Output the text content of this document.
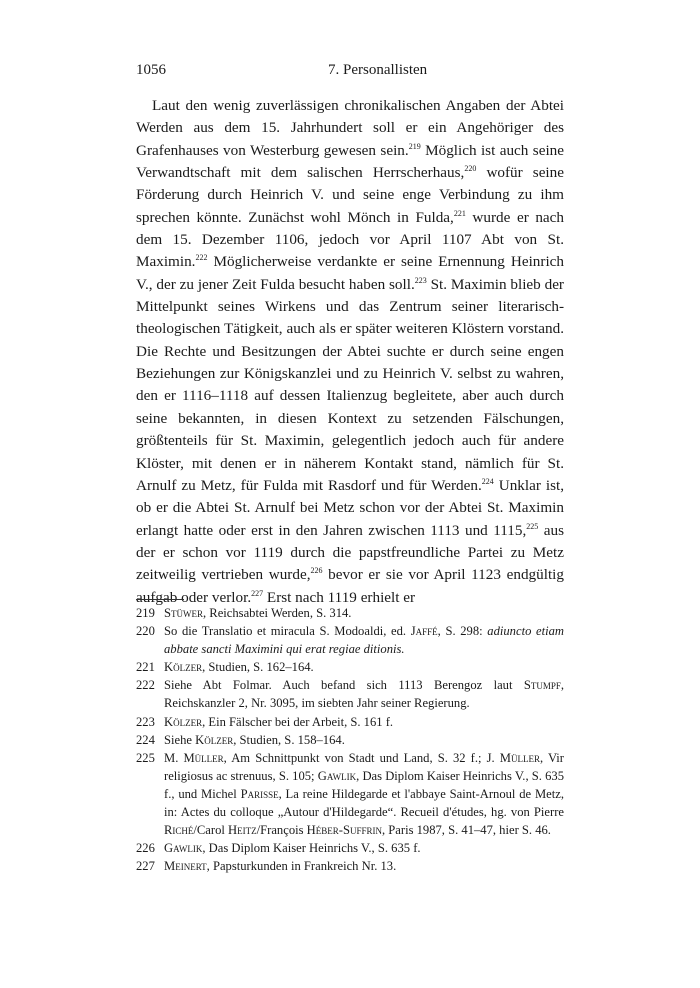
1056	7. Personallisten

Laut den wenig zuverlässigen chronikalischen Angaben der Abtei Werden aus dem 15. Jahrhundert soll er ein Angehöriger des Grafenhauses von Westerburg gewesen sein.$^{219}$ Möglich ist auch seine Verwandtschaft mit dem salischen Herrscherhaus,$^{220}$ wofür seine Förderung durch Heinrich V. und seine enge Verbindung zu ihm sprechen könnte. Zunächst wohl Mönch in Fulda,$^{221}$ wurde er nach dem 15. Dezember 1106, jedoch vor April 1107 Abt von St. Maximin.$^{222}$ Möglicherweise verdankte er seine Ernennung Heinrich V., der zu jener Zeit Fulda besucht haben soll.$^{223}$ St. Maximin blieb der Mittelpunkt seines Wirkens und das Zentrum seiner literarisch-theologischen Tätigkeit, auch als er später weiteren Klöstern vorstand. Die Rechte und Besitzungen der Abtei suchte er durch seine engen Beziehungen zur Königskanzlei und zu Heinrich V. selbst zu wahren, den er 1116–1118 auf dessen Italienzug begleitete, aber auch durch seine bekannten, in diesen Kontext zu setzenden Fälschungen, größtenteils für St. Maximin, gelegentlich jedoch auch für andere Klöster, mit denen er in näherem Kontakt stand, nämlich für St. Arnulf zu Metz, für Fulda mit Rasdorf und für Werden.$^{224}$ Unklar ist, ob er die Abtei St. Arnulf bei Metz schon vor der Abtei St. Maximin erlangt hatte oder erst in den Jahren zwischen 1113 und 1115,$^{225}$ aus der er schon vor 1119 durch die papstfreundliche Partei zu Metz zeitweilig vertrieben wurde,$^{226}$ bevor er sie vor April 1123 endgültig aufgab oder verlor.$^{227}$ Erst nach 1119 erhielt er

219 Stüwer, Reichsabtei Werden, S. 314.
220 So die Translatio et miracula S. Modoaldi, ed. Jaffé, S. 298: adiuncto etiam abbate sancti Maximini qui erat regiae ditionis.
221 Kölzer, Studien, S. 162–164.
222 Siehe Abt Folmar. Auch befand sich 1113 Berengoz laut Stumpf, Reichskanzler 2, Nr. 3095, im siebten Jahr seiner Regierung.
223 Kölzer, Ein Fälscher bei der Arbeit, S. 161 f.
224 Siehe Kölzer, Studien, S. 158–164.
225 M. Müller, Am Schnittpunkt von Stadt und Land, S. 32 f.; J. Müller, Vir religiosus ac strenuus, S. 105; Gawlik, Das Diplom Kaiser Heinrichs V., S. 635 f., und Michel Parisse, La reine Hildegarde et l'abbaye Saint-Arnoul de Metz, in: Actes du colloque „Autour d'Hildegarde“. Recueil d'études, hg. von Pierre Riché/Carol Heitz/François Héber-Suffrin, Paris 1987, S. 41–47, hier S. 46.
226 Gawlik, Das Diplom Kaiser Heinrichs V., S. 635 f.
227 Meinert, Papsturkunden in Frankreich Nr. 13.
